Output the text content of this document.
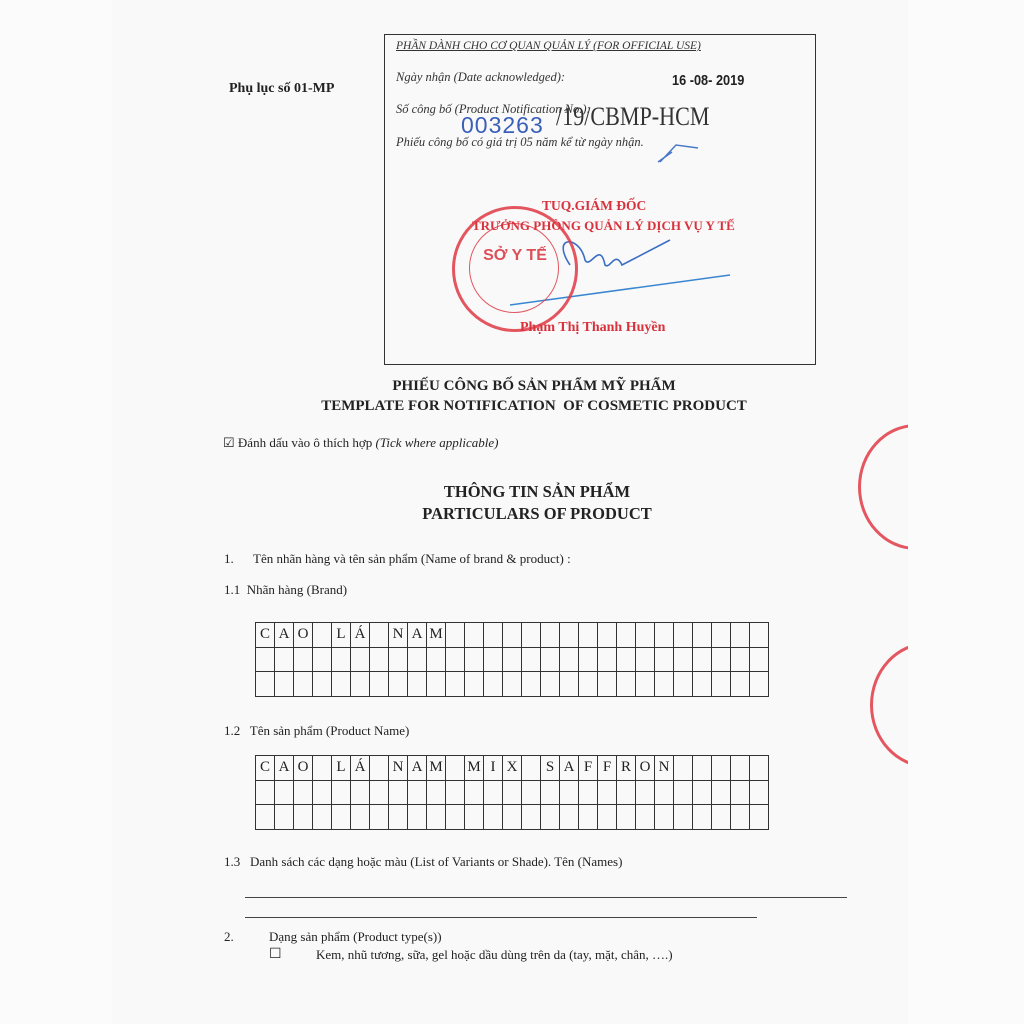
Phụ lục số 01-MP
PHẦN DÀNH CHO CƠ QUAN QUẢN LÝ (FOR OFFICIAL USE)
Ngày nhận (Date acknowledged):	16 -08- 2019
Số công bố (Product Notification No.):
003263 /19/CBMP-HCM
Phiếu công bố có giá trị 05 năm kể từ ngày nhận.
SỞ Y TẾ
TUQ.GIÁM ĐỐC
TRƯỞNG PHÒNG QUẢN LÝ DỊCH VỤ Y TẾ
Phạm Thị Thanh Huyền
PHIẾU CÔNG BỐ SẢN PHẨM MỸ PHẨM
TEMPLATE FOR NOTIFICATION  OF COSMETIC PRODUCT
☑ Đánh dấu vào ô thích hợp (Tick where applicable)
THÔNG TIN SẢN PHẨM
PARTICULARS OF PRODUCT
1. Tên nhãn hàng và tên sản phẩm (Name of brand & product) :
1.1  Nhãn hàng (Brand)
C A O	L Á	N A M
1.2   Tên sản phẩm (Product Name)
C A O	L Á	N A M M I X	S A F F R O N
1.3   Danh sách các dạng hoặc màu (List of Variants or Shade). Tên (Names)
2.	Dạng sản phẩm (Product type(s))
☐	Kem, nhũ tương, sữa, gel hoặc dầu dùng trên da (tay, mặt, chân, ….)
